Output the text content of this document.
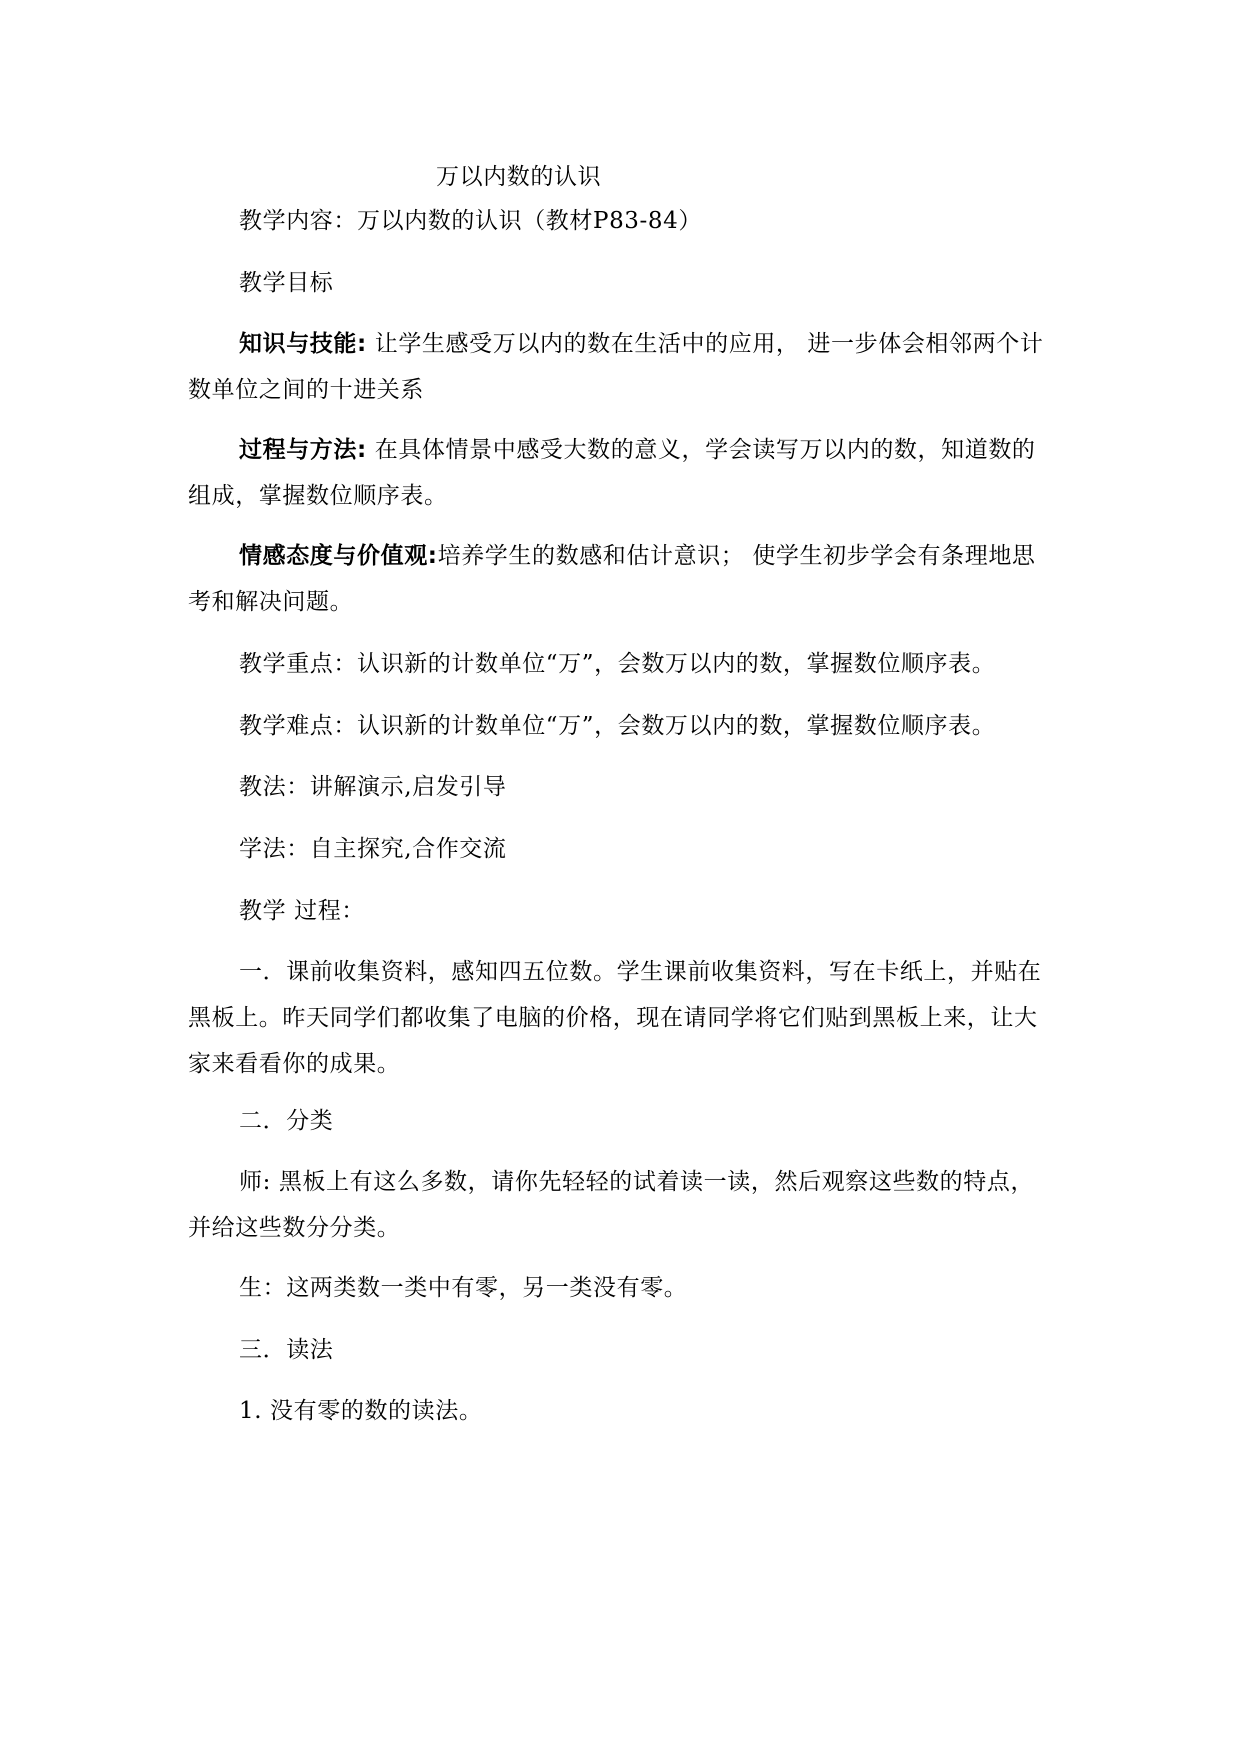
万以内数的认识

教学内容：万以内数的认识（教材P83-84）

教学目标

知识与技能: 让学生感受万以内的数在生活中的应用， 进一步体会相邻两个计数单位之间的十进关系

过程与方法: 在具体情景中感受大数的意义，学会读写万以内的数，知道数的组成，掌握数位顺序表。

情感态度与价值观:培养学生的数感和估计意识； 使学生初步学会有条理地思考和解决问题。

教学重点：认识新的计数单位“万”，会数万以内的数，掌握数位顺序表。

教学难点：认识新的计数单位“万”，会数万以内的数，掌握数位顺序表。

教法：讲解演示,启发引导

学法：自主探究,合作交流

教学 过程：

一．课前收集资料，感知四五位数。学生课前收集资料，写在卡纸上，并贴在黑板上。昨天同学们都收集了电脑的价格，现在请同学将它们贴到黑板上来，让大家来看看你的成果。

二．分类

师: 黑板上有这么多数，请你先轻轻的试着读一读，然后观察这些数的特点，并给这些数分分类。

生：这两类数一类中有零，另一类没有零。

三．读法

1. 没有零的数的读法。
